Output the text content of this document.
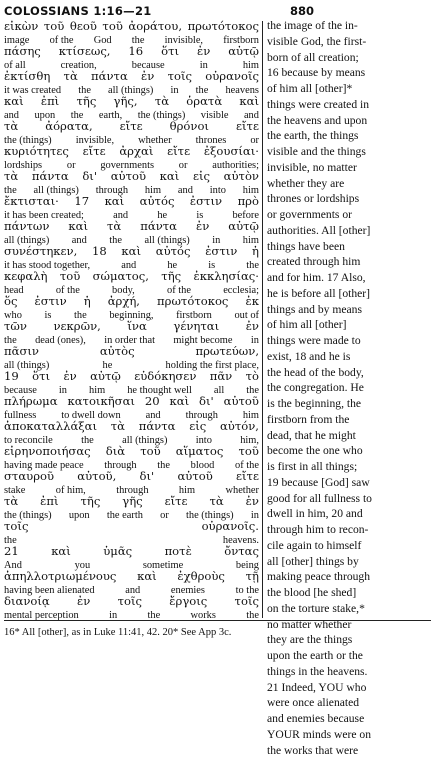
COLOSSIANS 1:16—21	880
εἰκὼν τοῦ θεοῦ τοῦ ἀοράτου, πρωτότοκος
image of the God the invisible, firstborn
πάσης κτίσεως, 16 ὅτι ἐν αὐτῷ
of all	creation,	because	in	him
ἐκτίσθη τὰ πάντα ἐν τοῖς οὐρανοῖς
it was created the all (things) in the heavens
καὶ ἐπὶ τῆς γῆς, τὰ ὁρατὰ καὶ
and upon the earth, the (things) visible and
τὰ ἀόρατα, εἴτε θρόνοι εἴτε
the (things) invisible, whether thrones or
κυριότητες εἴτε ἀρχαὶ εἴτε ἐξουσίαι·
lordships or governments or authorities;
τὰ πάντα δι' αὐτοῦ καὶ εἰς αὐτὸν
the all (things) through him and into him
ἔκτισται· 17 καὶ αὐτός ἐστιν πρὸ
it has been created;	and	he	is	before
πάντων καὶ τὰ πάντα ἐν αὐτῷ
all (things) and the all (things) in him
συνέστηκεν, 18 καὶ αὐτός ἐστιν ἡ
it has stood together,	and	he	is	the
κεφαλὴ τοῦ σώματος, τῆς ἐκκλησίας·
head	of the	body,	of the	ecclesia;
ὅς ἐστιν ἡ ἀρχή, πρωτότοκος ἐκ
who is the beginning, firstborn out of
τῶν νεκρῶν, ἵνα γένηται ἐν
the dead (ones), in order that might become in
πᾶσιν	αὐτὸς	πρωτεύων,
all (things)	he	holding the first place,
19 ὅτι ἐν αὐτῷ εὐδόκησεν πᾶν τὸ
because in him he thought well all the
πλήρωμα κατοικῆσαι 20 καὶ δι' αὐτοῦ
fullness to dwell down and through him
ἀποκαταλλάξαι τὰ πάντα εἰς αὐτόν,
to reconcile	the	all (things)	into	him,
εἰρηνοποιήσας διὰ τοῦ αἵματος τοῦ
having made peace through the blood of the
σταυροῦ αὐτοῦ, δι' αὐτοῦ εἴτε
stake	of him,	through	him	whether
τὰ ἐπὶ τῆς γῆς εἴτε τὰ ἐν
the (things) upon the earth or the (things) in
τοῖς	οὐρανοῖς.
the	heavens.
21	καὶ	ὑμᾶς	ποτὲ	ὄντας
And	you	sometime	being
ἀπηλλοτριωμένους καὶ ἐχθροὺς τῇ
having been alienated	and	enemies	to the
διανοίᾳ ἐν τοῖς ἔργοις τοῖς
mental perception	in	the	works	the
the image of the in-
visible God, the first-
born of all creation;
16 because by means
of him all [other]*
things were created in
the heavens and upon
the earth, the things
visible and the things
invisible, no matter
whether they are
thrones or lordships
or governments or
authorities. All [other]
things have been
created through him
and for him. 17 Also,
he is before all [other]
things and by means
of him all [other]
things were made to
exist, 18 and he is
the head of the body,
the congregation. He
is the beginning, the
firstborn from the
dead, that he might
become the one who
is first in all things;
19 because [God] saw
good for all fullness to
dwell in him, 20 and
through him to recon-
cile again to himself
all [other] things by
making peace through
the blood [he shed]
on the torture stake,*
no matter whether
they are the things
upon the earth or the
things in the heavens.
21 Indeed, YOU who
were once alienated
and enemies because
YOUR minds were on
the works that were
16* All [other], as in Luke 11:41, 42. 20* See App 3c.
